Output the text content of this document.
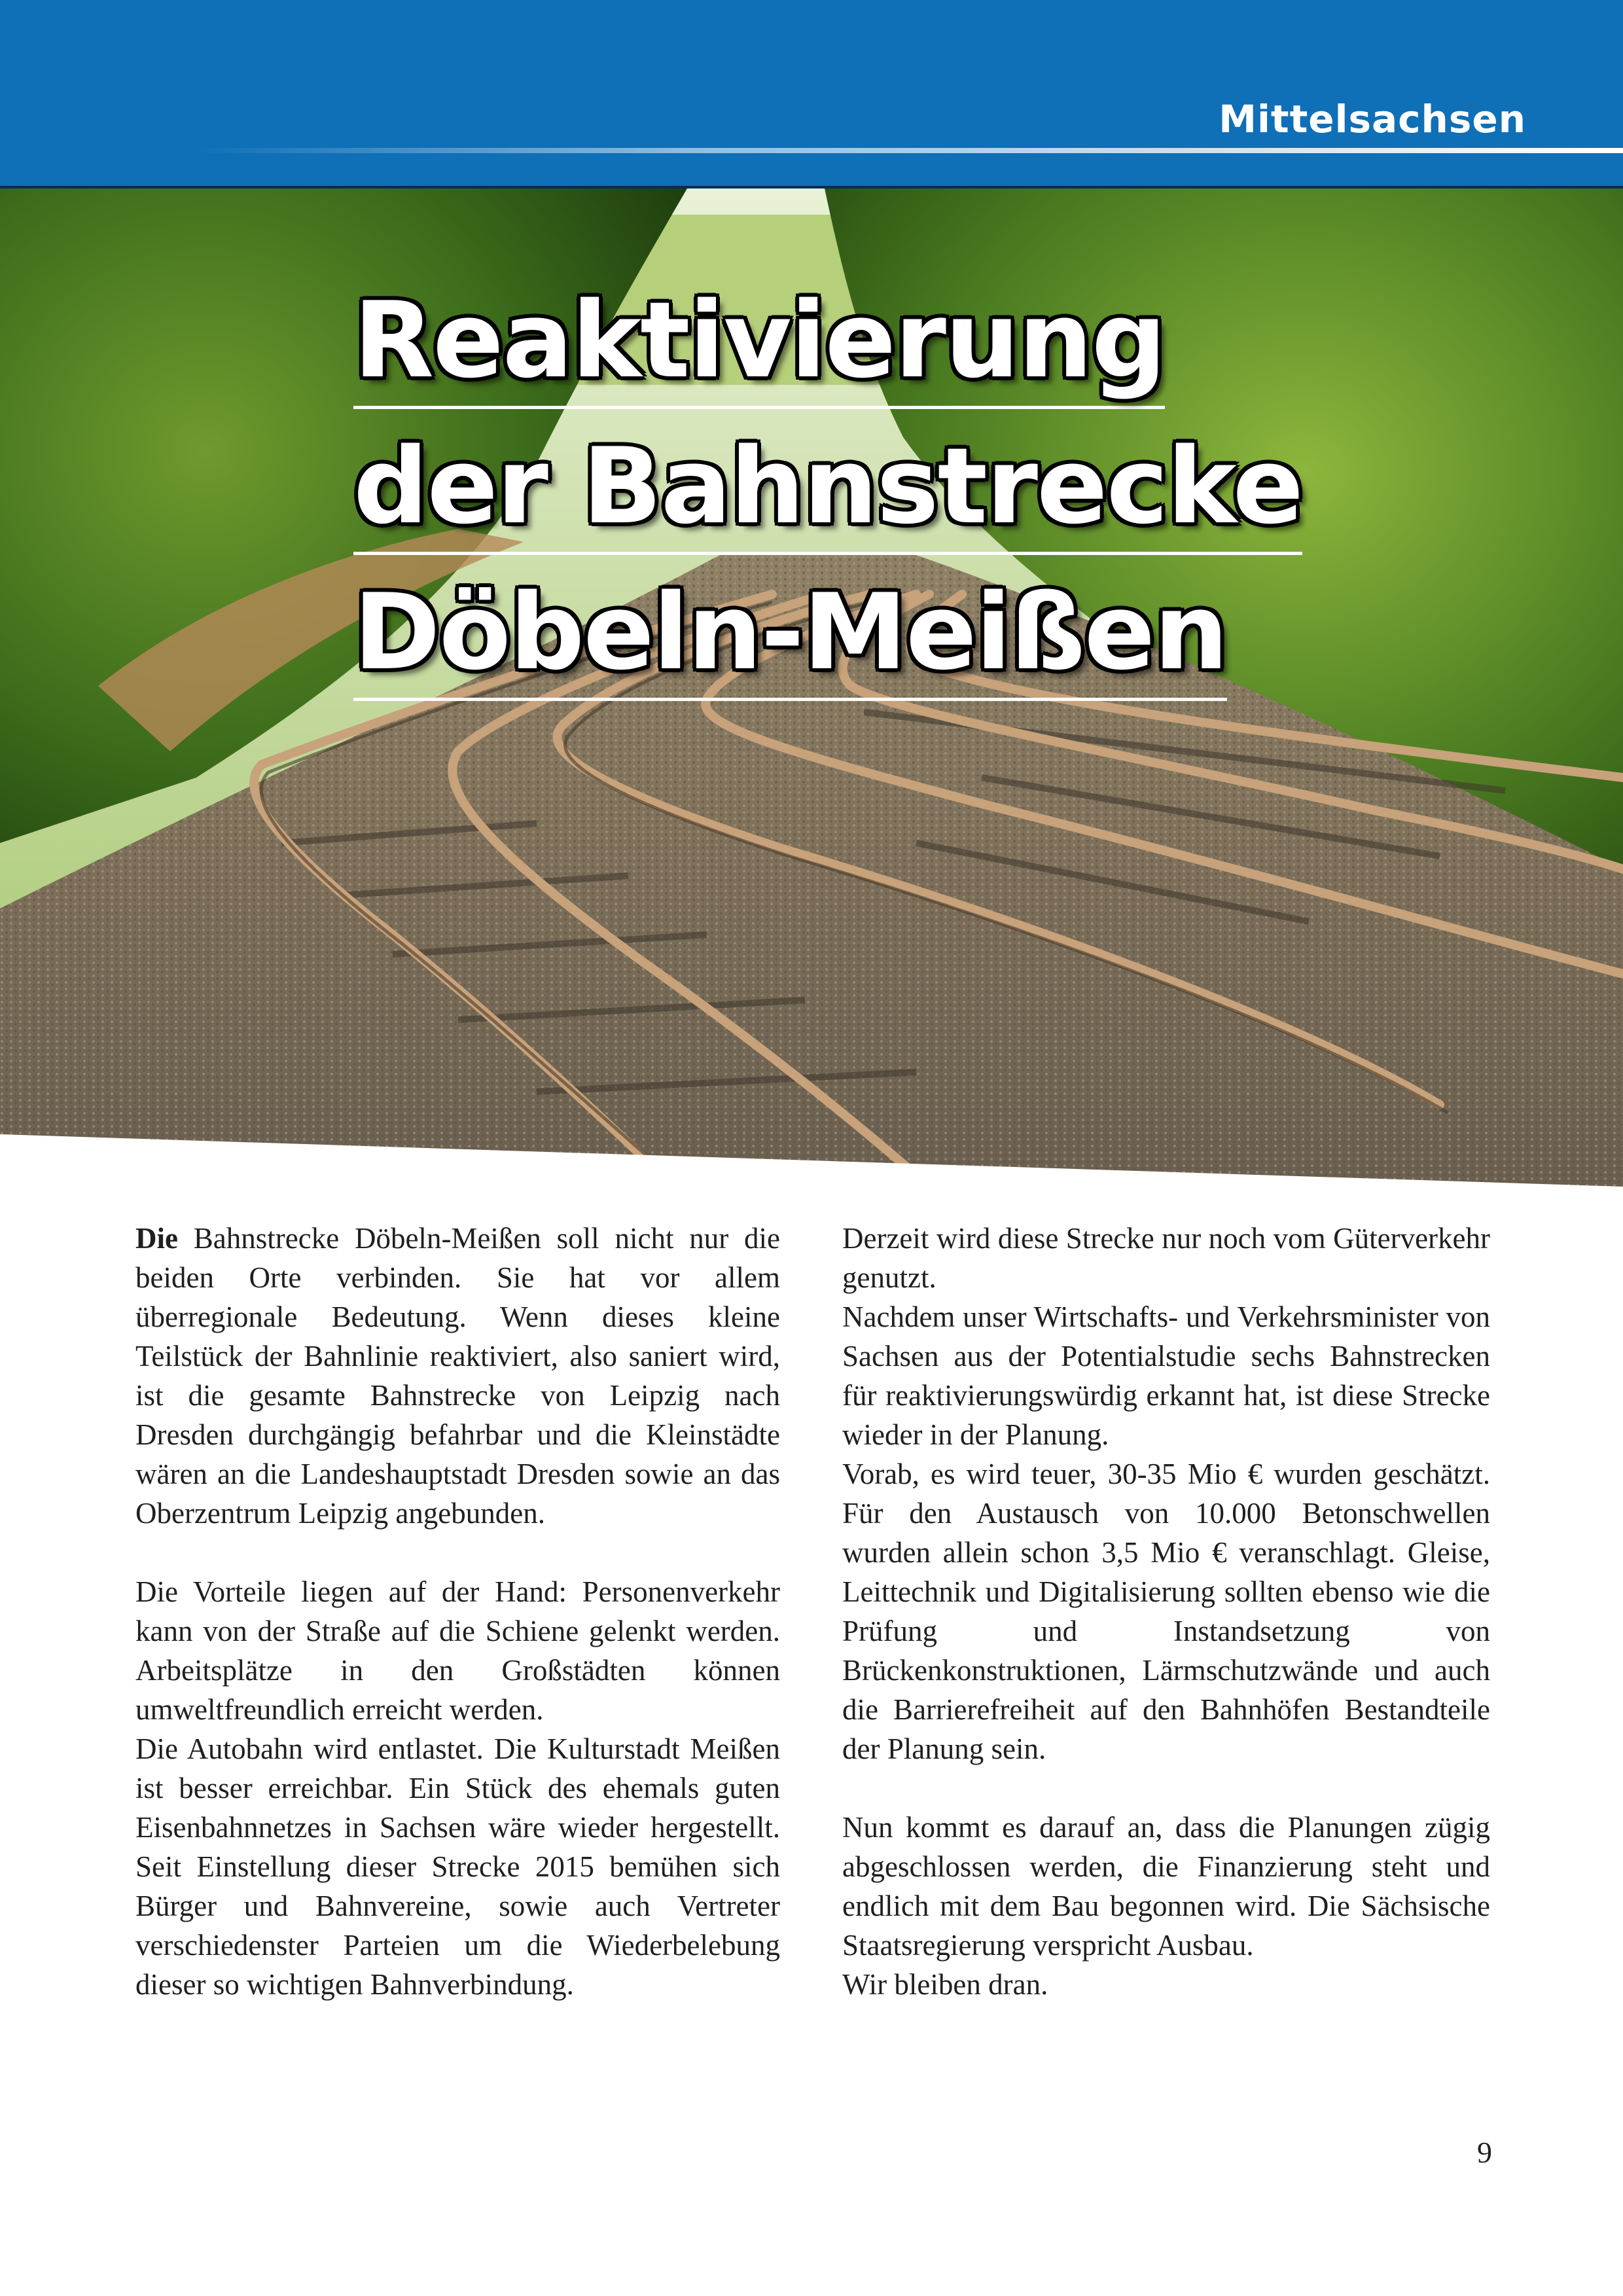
Mittelsachsen
Reaktivierung
der Bahnstrecke
Döbeln-Meißen

Die Bahnstrecke Döbeln-Meißen soll nicht nur die beiden Orte verbinden. Sie hat vor allem überregionale Bedeutung. Wenn dieses kleine Teilstück der Bahnlinie reaktiviert, also saniert wird, ist die gesamte Bahnstrecke von Leipzig nach Dresden durchgängig befahrbar und die Kleinstädte wären an die Landeshauptstadt Dresden sowie an das Oberzentrum Leipzig angebunden.

Die Vorteile liegen auf der Hand: Personenverkehr kann von der Straße auf die Schiene gelenkt werden. Arbeitsplätze in den Großstädten können umweltfreundlich erreicht werden.

Die Autobahn wird entlastet. Die Kulturstadt Meißen ist besser erreichbar. Ein Stück des ehemals guten Eisenbahnnetzes in Sachsen wäre wieder hergestellt. Seit Einstellung dieser Strecke 2015 bemühen sich Bürger und Bahnvereine, sowie auch Vertreter verschiedenster Parteien um die Wiederbelebung dieser so wichtigen Bahnverbindung.

Derzeit wird diese Strecke nur noch vom Güterverkehr genutzt.

Nachdem unser Wirtschafts- und Verkehrsminister von Sachsen aus der Potentialstudie sechs Bahnstrecken für reaktivierungswürdig erkannt hat, ist diese Strecke wieder in der Planung.

Vorab, es wird teuer, 30-35 Mio € wurden geschätzt. Für den Austausch von 10.000 Betonschwellen wurden allein schon 3,5 Mio € veranschlagt. Gleise, Leittechnik und Digitalisierung sollten ebenso wie die Prüfung und Instandsetzung von Brückenkonstruktionen, Lärmschutzwände und auch die Barrierefreiheit auf den Bahnhöfen Bestandteile der Planung sein.

Nun kommt es darauf an, dass die Planungen zügig abgeschlossen werden, die Finanzierung steht und endlich mit dem Bau begonnen wird. Die Sächsische Staatsregierung verspricht Ausbau.

Wir bleiben dran.

9
